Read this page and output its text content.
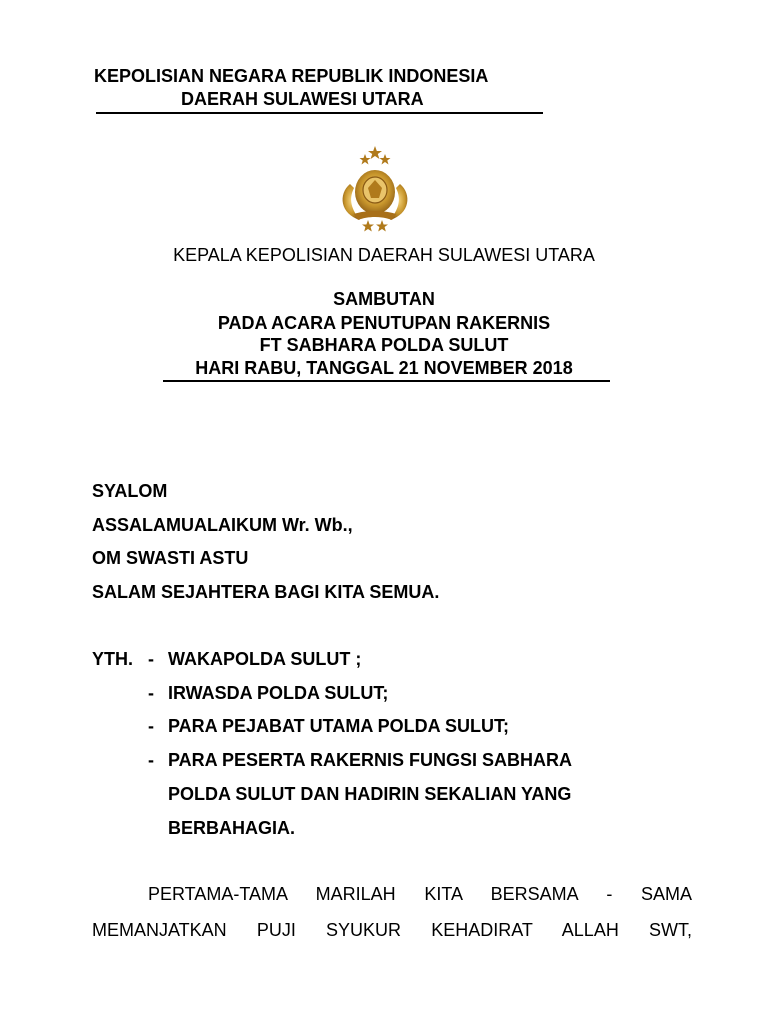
KEPOLISIAN NEGARA REPUBLIK INDONESIA
DAERAH SULAWESI UTARA
KEPALA KEPOLISIAN DAERAH SULAWESI UTARA
SAMBUTAN
PADA ACARA PENUTUPAN RAKERNIS
FT SABHARA POLDA SULUT
HARI RABU, TANGGAL 21 NOVEMBER 2018
SYALOM
ASSALAMUALAIKUM Wr. Wb.,
OM SWASTI ASTU
SALAM SEJAHTERA BAGI KITA SEMUA.
YTH. - WAKAPOLDA SULUT ;
- IRWASDA POLDA SULUT;
- PARA PEJABAT UTAMA POLDA SULUT;
- PARA PESERTA RAKERNIS FUNGSI SABHARA
POLDA SULUT DAN HADIRIN SEKALIAN YANG
BERBAHAGIA.
PERTAMA-TAMA MARILAH KITA BERSAMA - SAMA
MEMANJATKAN PUJI SYUKUR KEHADIRAT ALLAH SWT,
